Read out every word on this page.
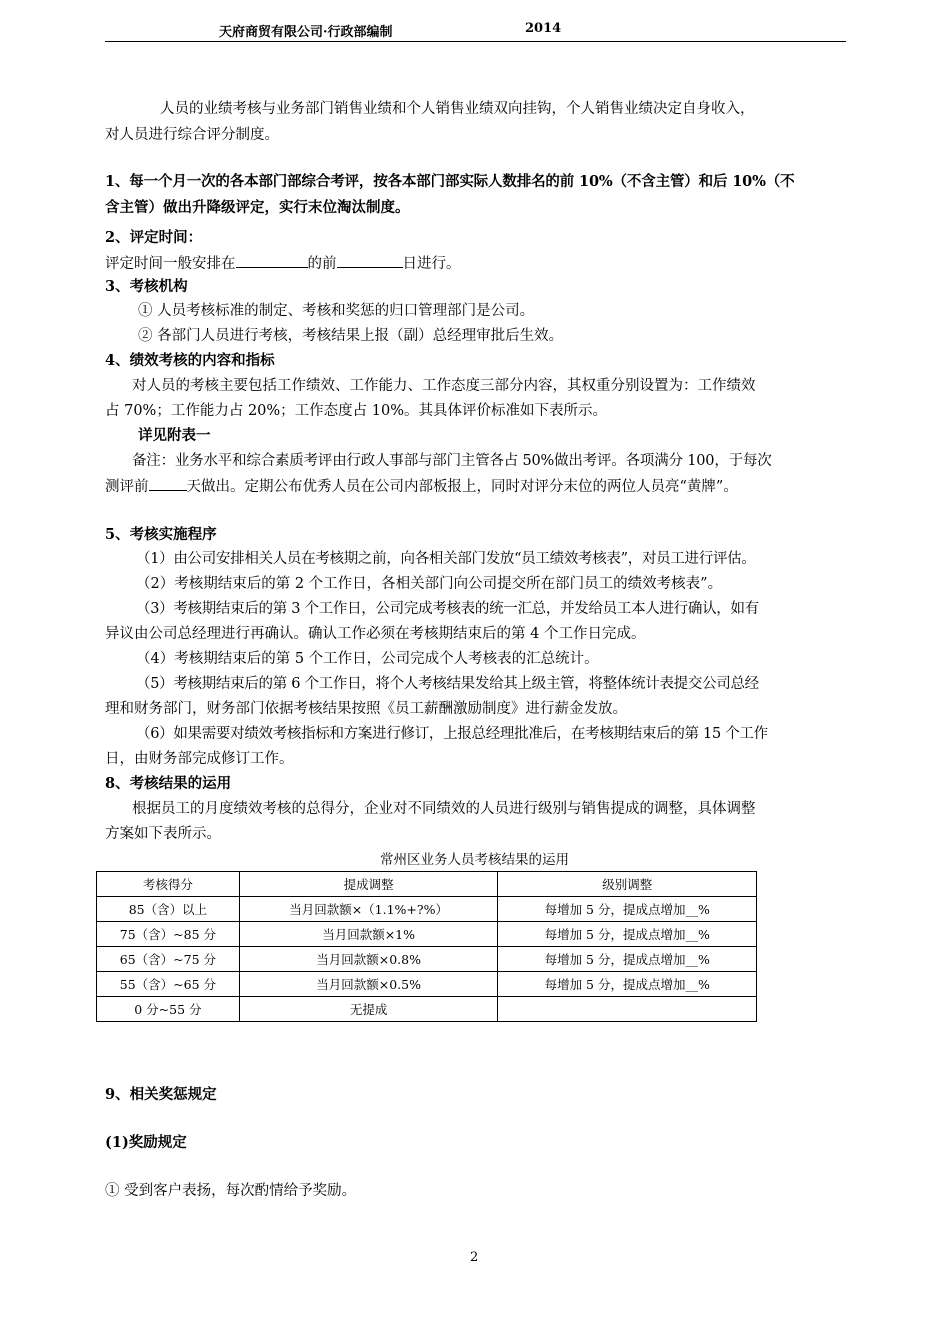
天府商贸有限公司·行政部编制	2014
人员的业绩考核与业务部门销售业绩和个人销售业绩双向挂钩，个人销售业绩决定自身收入，
对人员进行综合评分制度。
1、每一个月一次的各本部门部综合考评，按各本部门部实际人数排名的前 10%（不含主管）和后 10%（不
含主管）做出升降级评定，实行末位淘汰制度。
2、评定时间：
评定时间一般安排在	的前	日进行。
3、考核机构
① 人员考核标准的制定、考核和奖惩的归口管理部门是公司。
② 各部门人员进行考核，考核结果上报（副）总经理审批后生效。
4、绩效考核的内容和指标
对人员的考核主要包括工作绩效、工作能力、工作态度三部分内容，其权重分别设置为：工作绩效
占 70%；工作能力占 20%；工作态度占 10%。其具体评价标准如下表所示。
详见附表一
备注：业务水平和综合素质考评由行政人事部与部门主管各占 50%做出考评。各项满分 100，于每次
测评前	天做出。定期公布优秀人员在公司内部板报上，同时对评分末位的两位人员亮“黄牌”。
5、考核实施程序
（1）由公司安排相关人员在考核期之前，向各相关部门发放“员工绩效考核表”，对员工进行评估。
（2）考核期结束后的第 2 个工作日，各相关部门向公司提交所在部门员工的绩效考核表”。
（3）考核期结束后的第 3 个工作日，公司完成考核表的统一汇总，并发给员工本人进行确认，如有
异议由公司总经理进行再确认。确认工作必须在考核期结束后的第 4 个工作日完成。
（4）考核期结束后的第 5 个工作日，公司完成个人考核表的汇总统计。
（5）考核期结束后的第 6 个工作日，将个人考核结果发给其上级主管，将整体统计表提交公司总经
理和财务部门，财务部门依据考核结果按照《员工薪酬激励制度》进行薪金发放。
（6）如果需要对绩效考核指标和方案进行修订，上报总经理批准后，在考核期结束后的第 15 个工作
日，由财务部完成修订工作。
8、考核结果的运用
根据员工的月度绩效考核的总得分，企业对不同绩效的人员进行级别与销售提成的调整，具体调整
方案如下表所示。
常州区业务人员考核结果的运用
考核得分	提成调整	级别调整
85（含）以上	当月回款额×（1.1%+?%）	每增加 5 分，提成点增加__%
75（含）~85 分	当月回款额×1%	每增加 5 分，提成点增加__%
65（含）~75 分	当月回款额×0.8%	每增加 5 分，提成点增加__%
55（含）~65 分	当月回款额×0.5%	每增加 5 分，提成点增加__%
0 分~55 分	无提成	
9、相关奖惩规定
(1)奖励规定
① 受到客户表扬，每次酌情给予奖励。
2
